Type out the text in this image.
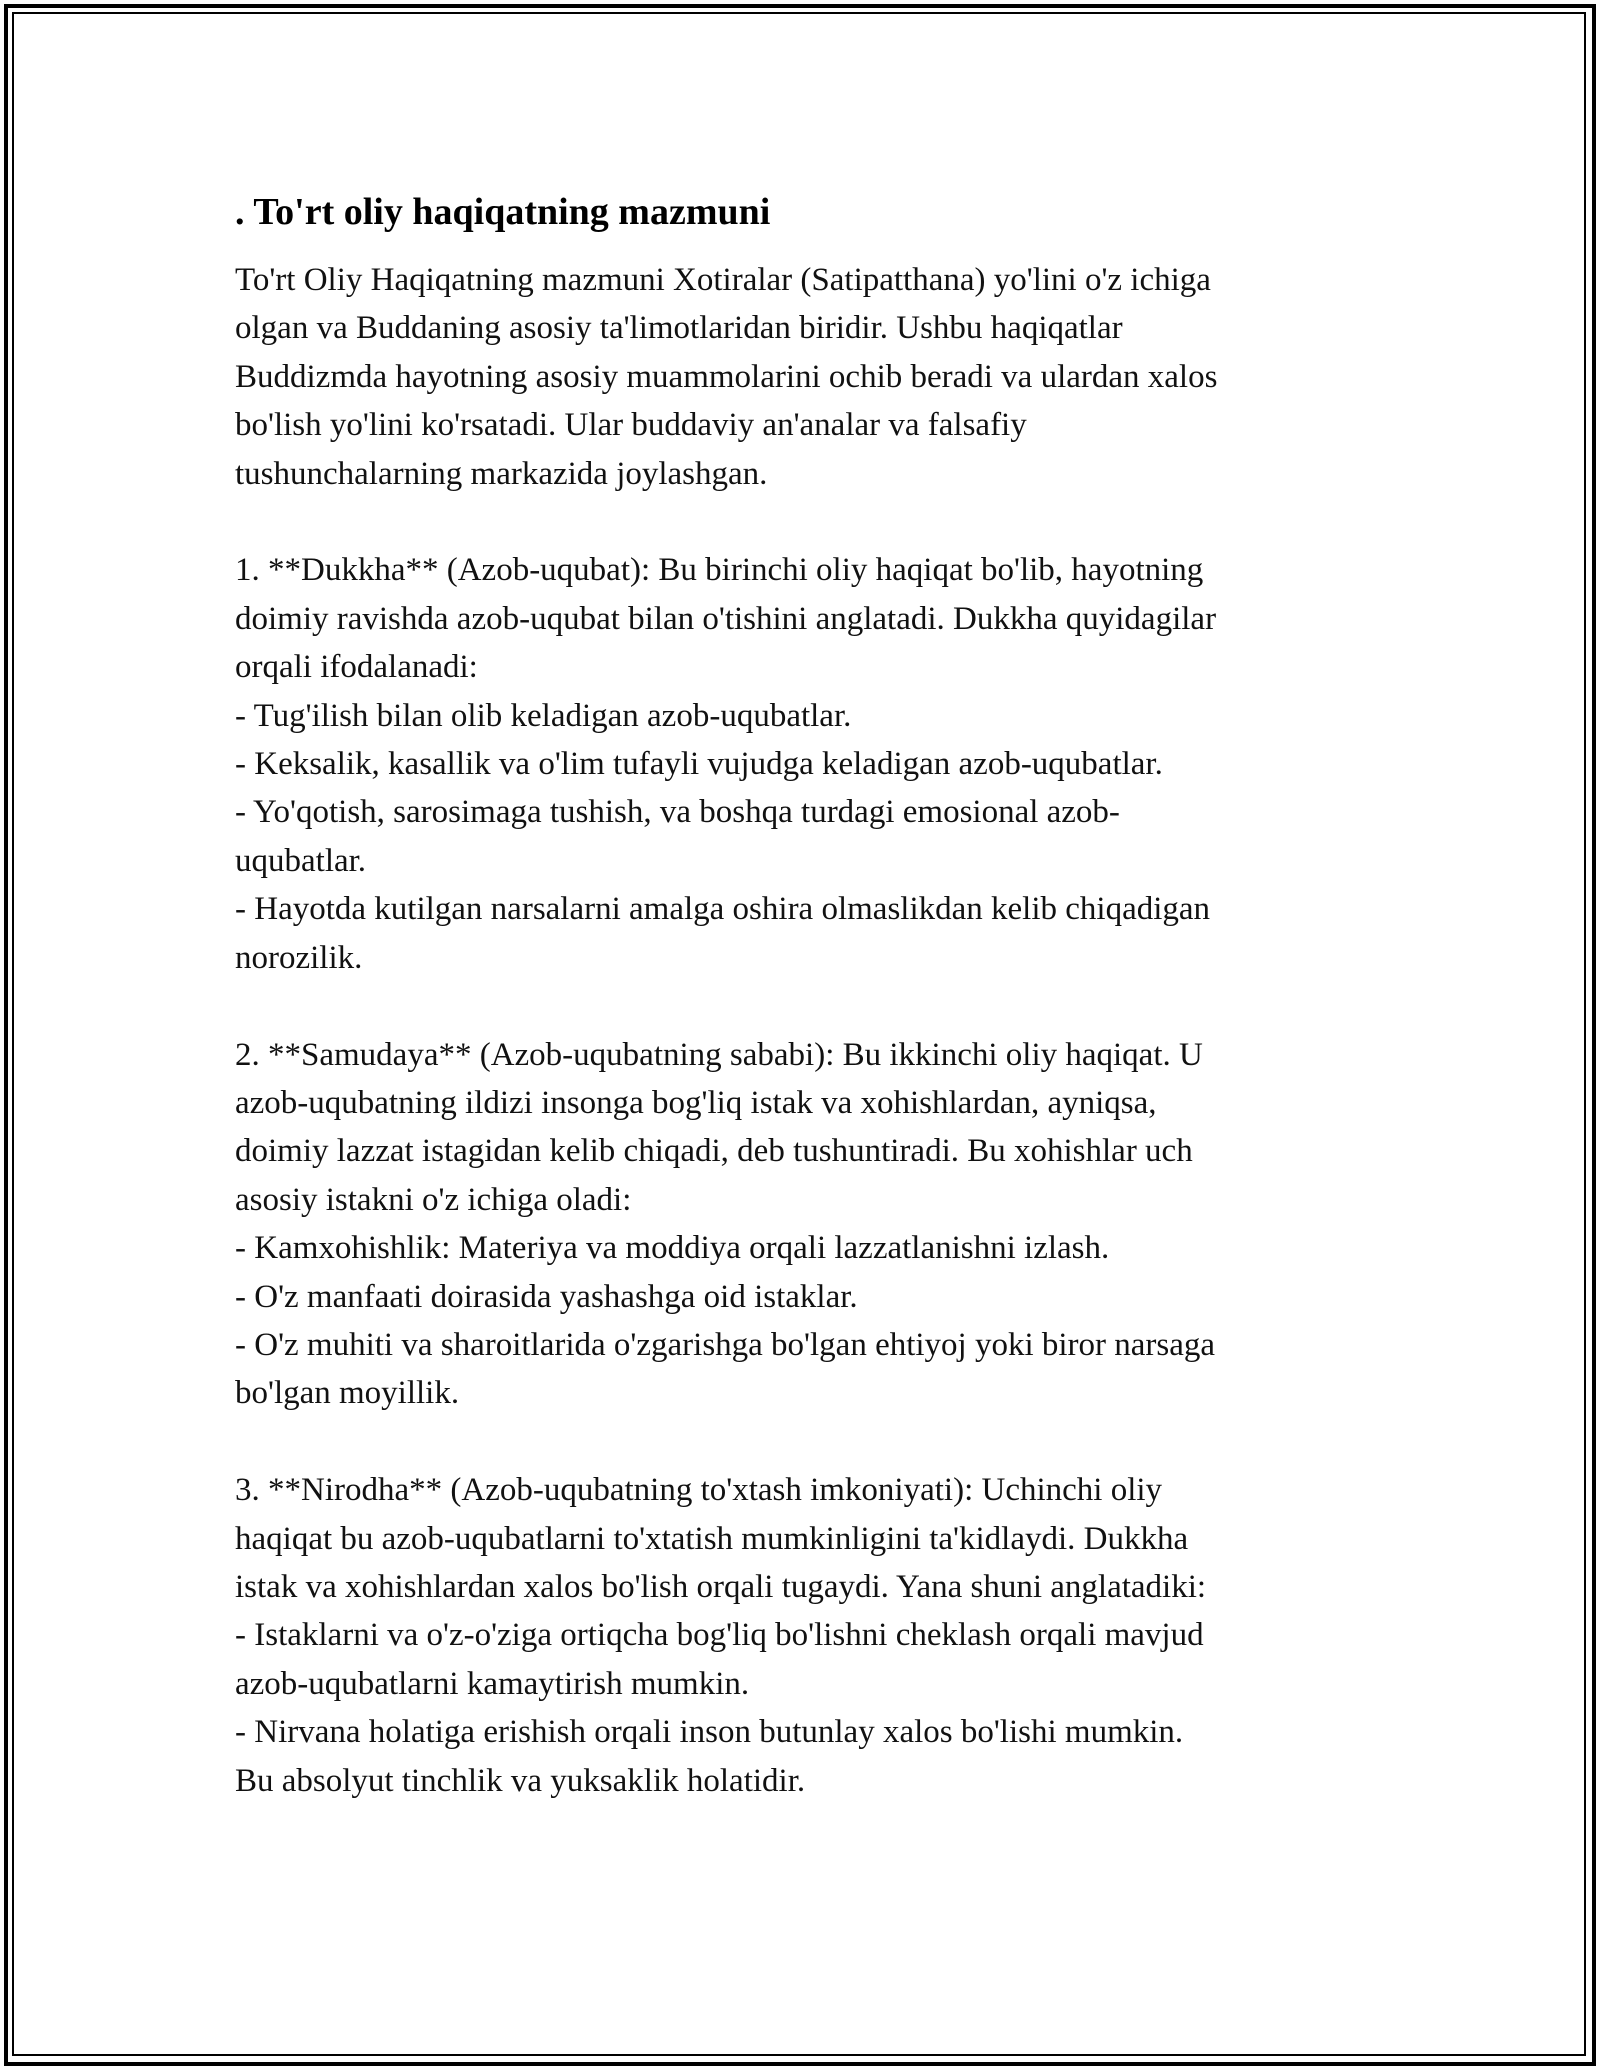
. To'rt oliy haqiqatning mazmuni
To'rt Oliy Haqiqatning mazmuni Xotiralar (Satipatthana) yo'lini o'z ichiga
olgan va Buddaning asosiy ta'limotlaridan biridir. Ushbu haqiqatlar
Buddizmda hayotning asosiy muammolarini ochib beradi va ulardan xalos
bo'lish yo'lini ko'rsatadi. Ular buddaviy an'analar va falsafiy
tushunchalarning markazida joylashgan.

1. **Dukkha** (Azob-uqubat): Bu birinchi oliy haqiqat bo'lib, hayotning
doimiy ravishda azob-uqubat bilan o'tishini anglatadi. Dukkha quyidagilar
orqali ifodalanadi:
- Tug'ilish bilan olib keladigan azob-uqubatlar.
- Keksalik, kasallik va o'lim tufayli vujudga keladigan azob-uqubatlar.
- Yo'qotish, sarosimaga tushish, va boshqa turdagi emosional azob-
uqubatlar.
- Hayotda kutilgan narsalarni amalga oshira olmaslikdan kelib chiqadigan
norozilik.

2. **Samudaya** (Azob-uqubatning sababi): Bu ikkinchi oliy haqiqat. U
azob-uqubatning ildizi insonga bog'liq istak va xohishlardan, ayniqsa,
doimiy lazzat istagidan kelib chiqadi, deb tushuntiradi. Bu xohishlar uch
asosiy istakni o'z ichiga oladi:
- Kamxohishlik: Materiya va moddiya orqali lazzatlanishni izlash.
- O'z manfaati doirasida yashashga oid istaklar.
- O'z muhiti va sharoitlarida o'zgarishga bo'lgan ehtiyoj yoki biror narsaga
bo'lgan moyillik.

3. **Nirodha** (Azob-uqubatning to'xtash imkoniyati): Uchinchi oliy
haqiqat bu azob-uqubatlarni to'xtatish mumkinligini ta'kidlaydi. Dukkha
istak va xohishlardan xalos bo'lish orqali tugaydi. Yana shuni anglatadiki:
- Istaklarni va o'z-o'ziga ortiqcha bog'liq bo'lishni cheklash orqali mavjud
azob-uqubatlarni kamaytirish mumkin.
- Nirvana holatiga erishish orqali inson butunlay xalos bo'lishi mumkin.
Bu absolyut tinchlik va yuksaklik holatidir.
